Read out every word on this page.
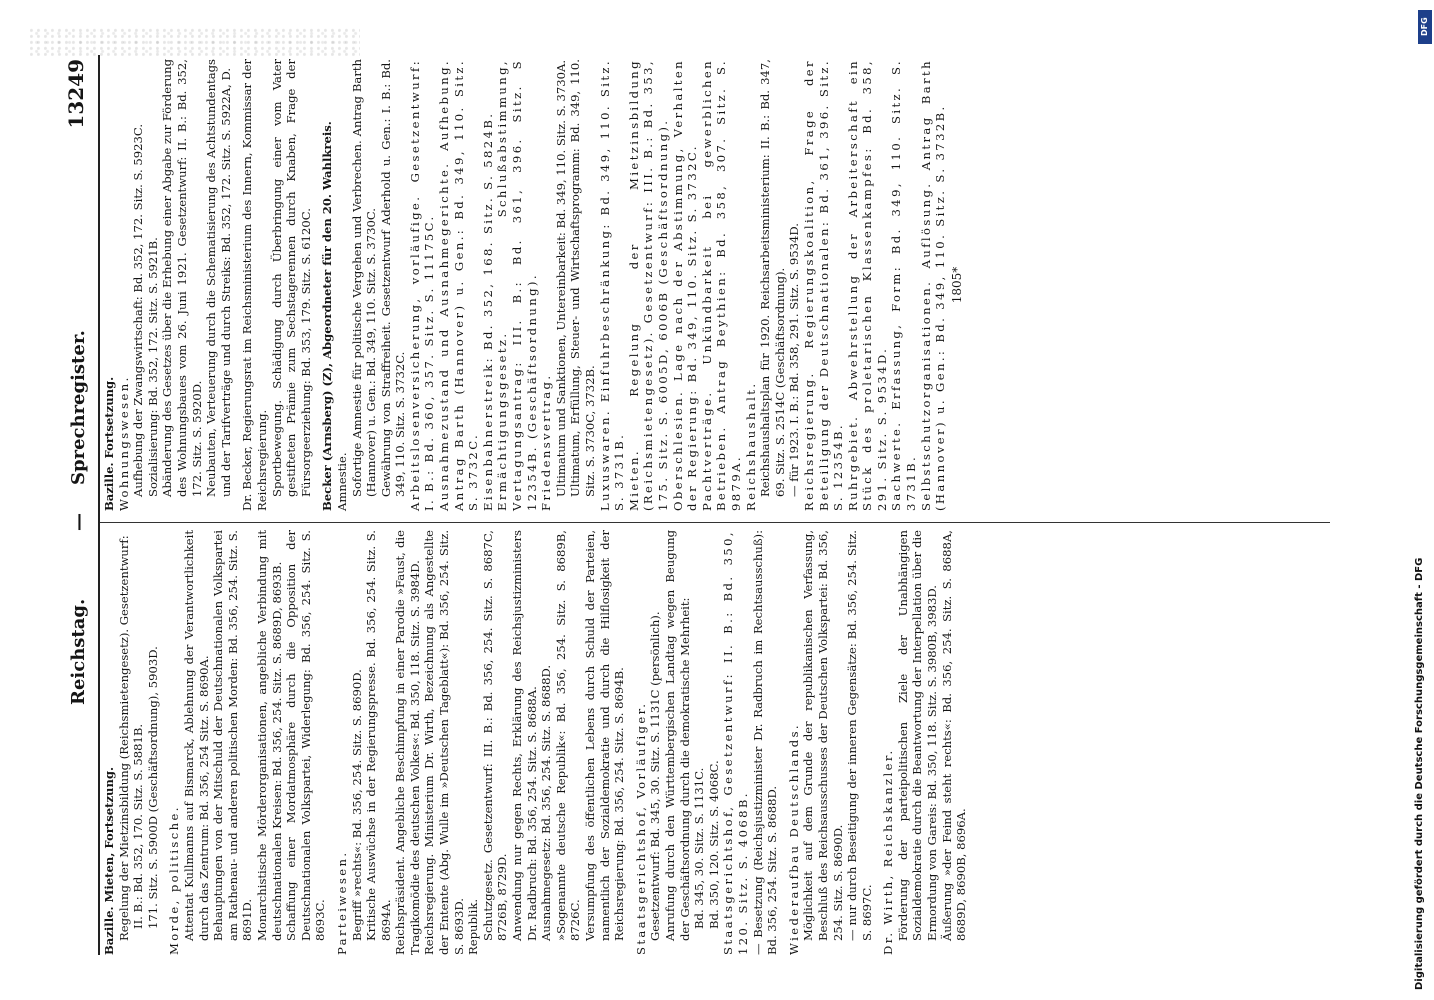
Reichstag.
—
Sprechregister.
13249

Bazille. Mieten, Fortsetzung. Regelung der Mietzinsbildung (Reichsmietengesetz). Gesetzentwurf: II. B.: Bd. 352, 170. Sitz. S. 5881B. 171. Sitz. S. 5900D (Geschäftsordnung), 5903D. Morde, politische. Attentat Kullmanns auf Bismarck, Ablehnung der Verantwortlichkeit durch das Zentrum: Bd. 356, 254 Sitz. S. 8690A. Behauptungen von der Mitschuld der Deutschnationalen Volkspartei am Rathenau- und anderen politischen Morden: Bd. 356, 254. Sitz. S. 8691D. Monarchistische Mörderorganisationen, angebliche Verbindung mit deutschnationalen Kreisen: Bd. 356, 254. Sitz. S. 8689D, 8693B. Schaffung einer Mordatmosphäre durch die Opposition der Deutschnationalen Volkspartei, Widerlegung: Bd. 356, 254. Sitz. S. 8693C. Parteiwesen. Begriff »rechts«: Bd. 356, 254. Sitz. S. 8690D. Kritische Auswüchse in der Regierungspresse. Bd. 356, 254. Sitz. S. 8694A. Reichspräsident. Angebliche Beschimpfung in einer Parodie »Faust, die Tragikomödie des deutschen Volkes«: Bd. 350, 118. Sitz. S. 3984D. Reichsregierung. Ministerium Dr. Wirth, Bezeichnung als Angestellte der Entente (Abg. Wulle im »Deutschen Tageblatt«): Bd. 356, 254. Sitz. S. 8693D. Republik. Schutzgesetz. Gesetzentwurf: III. B.: Bd. 356, 254. Sitz. S. 8687C, 8726B, 8729D. Anwendung nur gegen Rechts, Erklärung des Reichsjustizministers Dr. Radbruch: Bd. 356, 254. Sitz. S. 8688A. Ausnahmegesetz: Bd. 356, 254. Sitz. S. 8688D. »Sogenannte deutsche Republik«: Bd. 356, 254. Sitz. S. 8689B, 8726C. Versumpfung des öffentlichen Lebens durch Schuld der Parteien, namentlich der Sozialdemokratie und durch die Hilflosigkeit der Reichsregierung: Bd. 356, 254. Sitz. S. 8694B. Staatsgerichtshof, Vorläufiger. Gesetzentwurf: Bd. 345, 30. Sitz. S. 1131C (persönlich). Anrufung durch den Württembergischen Landtag wegen Beugung der Geschäftsordnung durch die demokratische Mehrheit: Bd. 345, 30. Sitz. S. 1131C. Bd. 350, 120. Sitz. S. 4068C. Staatsgerichtshof, Gesetzentwurf: II. B.: Bd. 350, 120. Sitz. S. 4068B. — Besetzung (Reichsjustizminister Dr. Radbruch im Rechtsausschuß): Bd. 356, 254. Sitz. S. 8688D. Wiederaufbau Deutschlands. Möglichkeit auf dem Grunde der republikanischen Verfassung, Beschluß des Reichsausschusses der Deutschen Volkspartei: Bd. 356, 254. Sitz. S. 8690D. — nur durch Beseitigung der inneren Gegensätze: Bd. 356, 254. Sitz. S. 8697C. Dr. Wirth, Reichskanzler. Förderung der parteipolitischen Ziele der Unabhängigen Sozialdemokratie durch die Beantwortung der Interpellation über die Ermordung von Gareis: Bd. 350, 118. Sitz. S. 3980B, 3983D. Äußerung »der Feind steht rechts«: Bd. 356, 254. Sitz. S. 8688A, 8689D, 8690B, 8696A.

Bazille. Fortsetzung. Wohnungswesen. Aufhebung der Zwangswirtschaft: Bd. 352, 172. Sitz. S. 5923C. Sozialisierung: Bd. 352, 172. Sitz. S. 5921B. Abänderung des Gesetzes über die Erhebung einer Abgabe zur Förderung des Wohnungsbaues vom 26. Juni 1921. Gesetzentwurf: II. B.: Bd. 352, 172. Sitz. S. 5920D. Neubauten, Verteuerung durch die Schematisierung des Achtstundentags und der Tarifverträge und durch Streiks: Bd. 352, 172. Sitz. S. 5922A, D. Dr. Becker, Regierungsrat im Reichsministerium des Innern, Kommissar der Reichsregierung. Sportbewegung. Schädigung durch Überbringung einer vom Vater gestifteten Prämie zum Sechstagerennen durch Knaben, Frage der Fürsorgeerziehung: Bd. 353, 179. Sitz. S. 6120C. Becker (Arnsberg) (Z), Abgeordneter für den 20. Wahlkreis. Amnestie. Sofortige Amnestie für politische Vergehen und Verbrechen. Antrag Barth (Hannover) u. Gen.: Bd. 349, 110. Sitz. S. 3730C. Gewährung von Straffreiheit. Gesetzentwurf Aderhold u. Gen.: I. B.: Bd. 349, 110. Sitz. S. 3732C. Arbeitslosenversicherung, vorläufige. Gesetzentwurf: I. B.: Bd. 360, 357. Sitz. S. 11175C. Ausnahmezustand und Ausnahmegerichte. Aufhebung. Antrag Barth (Hannover) u. Gen.: Bd. 349, 110. Sitz. S. 3732C. Eisenbahnerstreik: Bd. 352, 168. Sitz. S. 5824B. Ermächtigungsgesetz. Schlußabstimmung, Vertagungsantrag: III. B.: Bd. 361, 396. Sitz. S 12354B. (Geschäftsordnung). Friedensvertrag. Ultimatum und Sanktionen, Untereinbarkeit: Bd. 349, 110. Sitz. S. 3730A. Ultimatum, Erfüllung, Steuer- und Wirtschaftsprogramm: Bd. 349, 110. Sitz. S. 3730C, 3732B. Luxuswaren. Einfuhrbeschränkung: Bd. 349, 110. Sitz. S. 3731B. Mieten. Regelung der Mietzinsbildung (Reichsmietengesetz). Gesetzentwurf: III. B.: Bd. 353, 175. Sitz. S. 6005D, 6006B (Geschäftsordnung). Oberschlesien. Lage nach der Abstimmung, Verhalten der Regierung: Bd. 349, 110. Sitz. S. 3732C. Pachtverträge. Unkündbarkeit bei gewerblichen Betrieben. Antrag Beythien: Bd. 358, 307. Sitz. S. 9879A. Reichshaushalt. Reichshaushaltsplan für 1920. Reichsarbeitsministerium: II. B.: Bd. 347, 69. Sitz. S. 2514C (Geschäftsordnung). — für 1923. I. B.: Bd. 358, 291. Sitz. S. 9534D. Reichsregierung. Regierungskoalition, Frage der Beteiligung der Deutschnationalen: Bd. 361, 396. Sitz. S. 12354B. Ruhrgebiet. Abwehrstellung der Arbeiterschaft ein Stück des proletarischen Klassenkampfes: Bd. 358, 291. Sitz. S. 9534D. Sachwerte. Erfassung, Form: Bd. 349, 110. Sitz. S. 3731B. Selbstschutzorganisationen. Auflösung. Antrag Barth (Hannover) u. Gen.: Bd. 349, 110. Sitz. S. 3732B. 1805*
Digitalisierung gefördert durch die Deutsche Forschungsgemeinschaft - DFG
DFG
